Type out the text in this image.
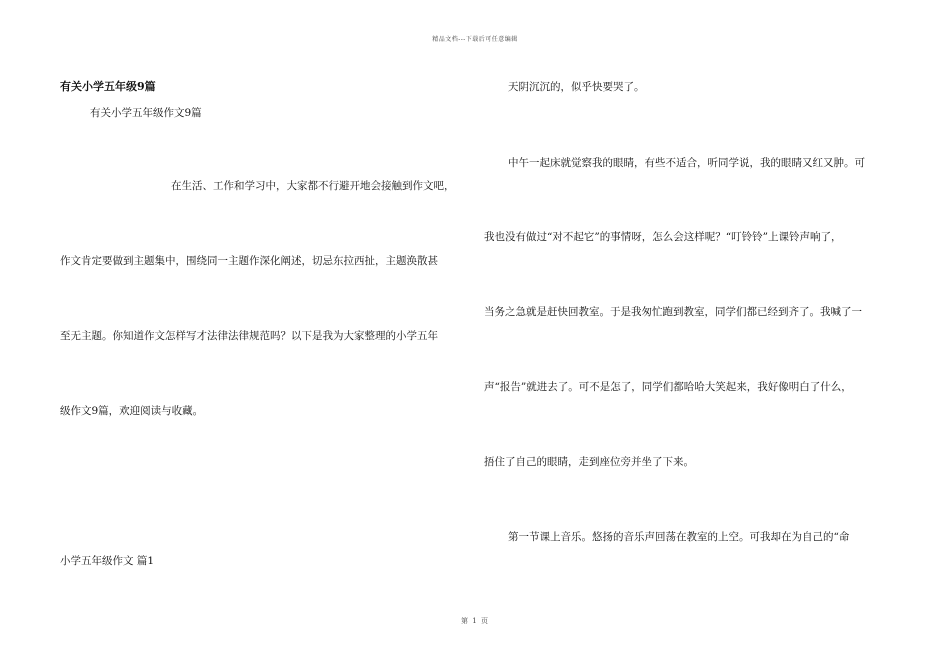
精品文档---下载后可任意编辑
有关小学五年级9篇
有关小学五年级作文9篇
在生活、工作和学习中，大家都不行避开地会接触到作文吧，
作文肯定要做到主题集中，围绕同一主题作深化阐述，切忌东拉西扯，主题涣散甚
至无主题。你知道作文怎样写才法律法律规范吗？以下是我为大家整理的小学五年
级作文9篇，欢迎阅读与收藏。
小学五年级作文 篇1
天阴沉沉的，似乎快要哭了。
中午一起床就觉察我的眼睛，有些不适合，听同学说，我的眼睛又红又肿。可
我也没有做过“对不起它”的事情呀，怎么会这样呢？“叮铃铃”上课铃声响了，
当务之急就是赶快回教室。于是我匆忙跑到教室，同学们都已经到齐了。我喊了一
声“报告”就进去了。可不是怎了，同学们都哈哈大笑起来，我好像明白了什么，
捂住了自己的眼睛，走到座位旁并坐了下来。
第一节课上音乐。悠扬的音乐声回荡在教室的上空。可我却在为自己的“命
第 1 页
